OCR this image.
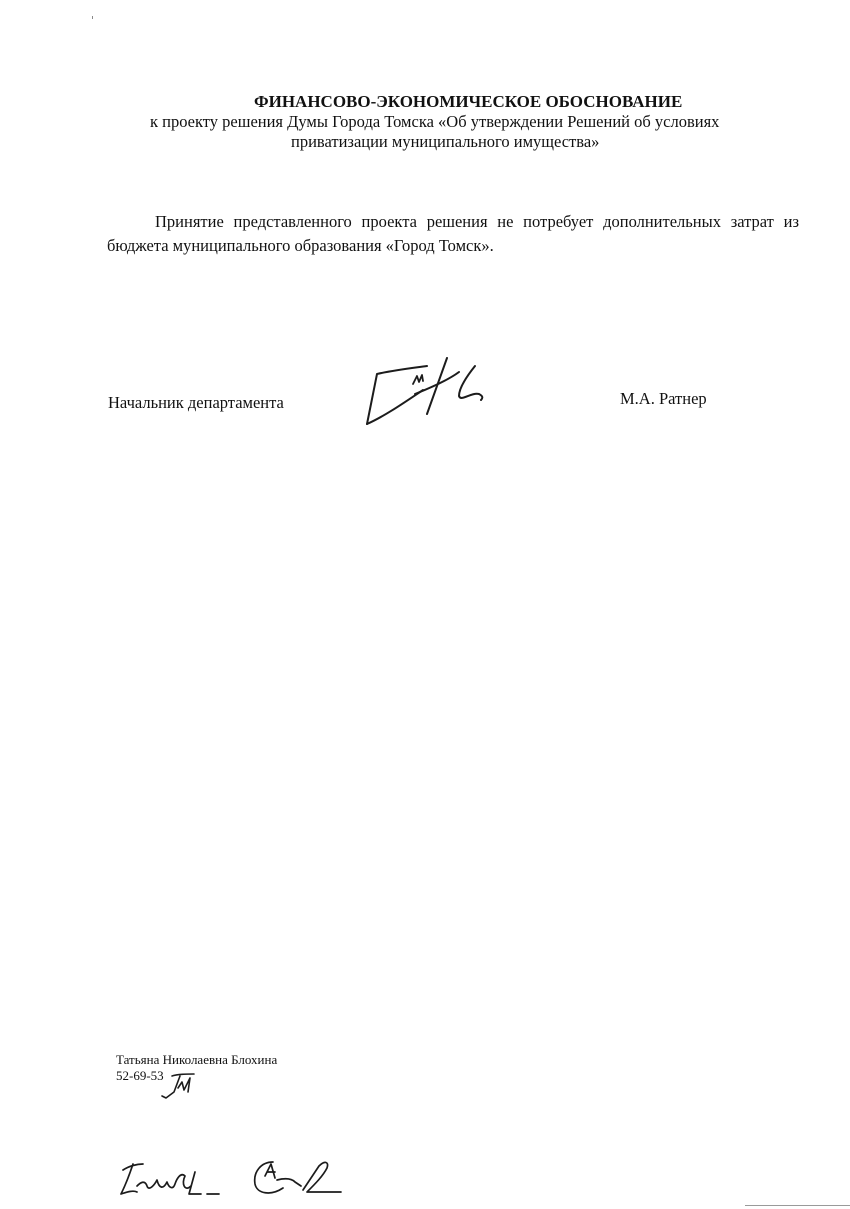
ФИНАНСОВО-ЭКОНОМИЧЕСКОЕ ОБОСНОВАНИЕ
к проекту решения Думы Города Томска «Об утверждении Решений об условиях
приватизации муниципального имущества»
Принятие представленного проекта решения не потребует дополнительных затрат из бюджета муниципального образования «Город Томск».
Начальник департамента	М.А. Ратнер
Татьяна Николаевна Блохина
52-69-53
